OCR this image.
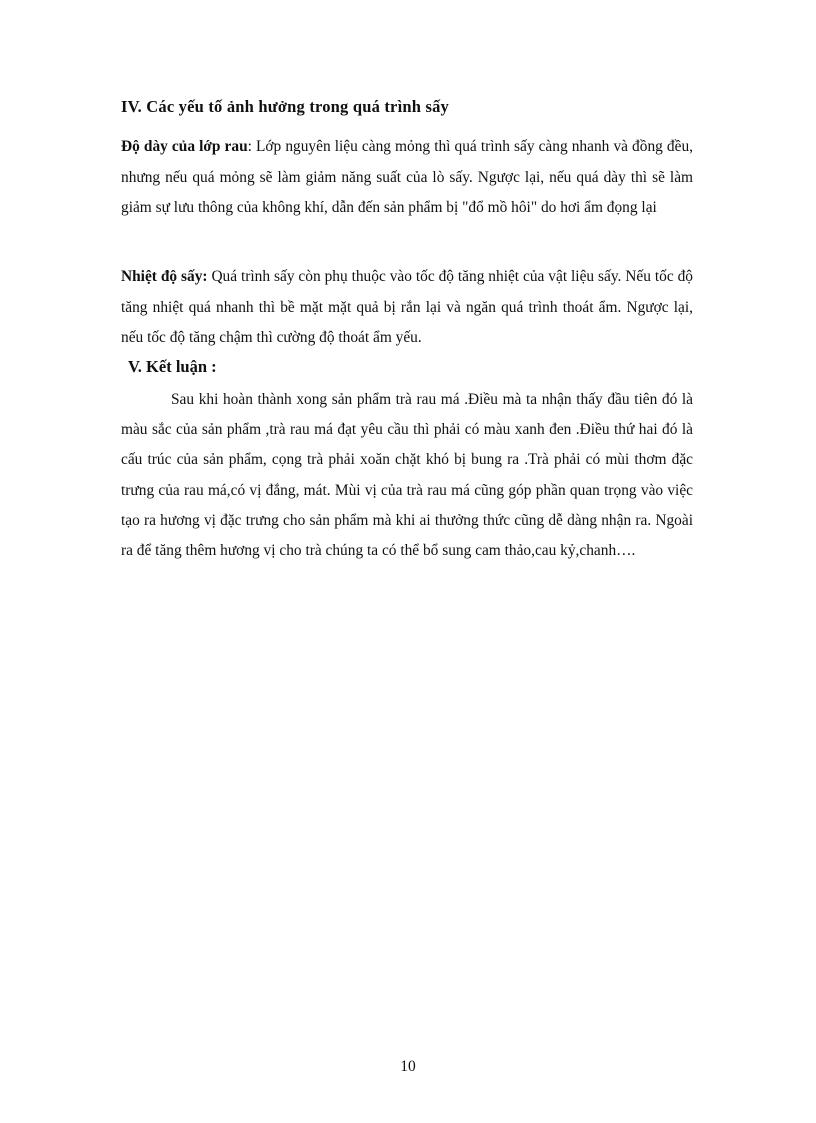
IV. Các yếu tố ảnh hưởng trong quá trình sấy

Độ dày của lớp rau: Lớp nguyên liệu càng mỏng thì quá trình sấy càng nhanh và đồng đều, nhưng nếu quá mỏng sẽ làm giảm năng suất của lò sấy. Ngược lại, nếu quá dày thì sẽ làm giảm sự lưu thông của không khí, dẫn đến sản phẩm bị "đổ mồ hôi" do hơi ẩm đọng lại

Nhiệt độ sấy: Quá trình sấy còn phụ thuộc vào tốc độ tăng nhiệt của vật liệu sấy. Nếu tốc độ tăng nhiệt quá nhanh thì bề mặt mặt quả bị rắn lại và ngăn quá trình thoát ẩm. Ngược lại, nếu tốc độ tăng chậm thì cường độ thoát ẩm yếu.

V. Kết luận :

Sau khi hoàn thành xong sản phẩm trà rau má .Điều mà ta nhận thấy đầu tiên đó là màu sắc của sản phẩm ,trà rau má đạt yêu cầu thì phải có màu xanh đen .Điều thứ hai đó là cấu trúc của sản phẩm, cọng trà phải xoăn chặt khó bị bung ra .Trà phải có mùi thơm đặc trưng của rau má,có vị đắng, mát. Mùi vị của trà rau má cũng góp phần quan trọng vào việc tạo ra hương vị đặc trưng cho sản phẩm mà khi ai thưởng thức cũng dễ dàng nhận ra. Ngoài ra để tăng thêm hương vị cho trà chúng ta có thể bổ sung cam thảo,cau kỷ,chanh….

10
